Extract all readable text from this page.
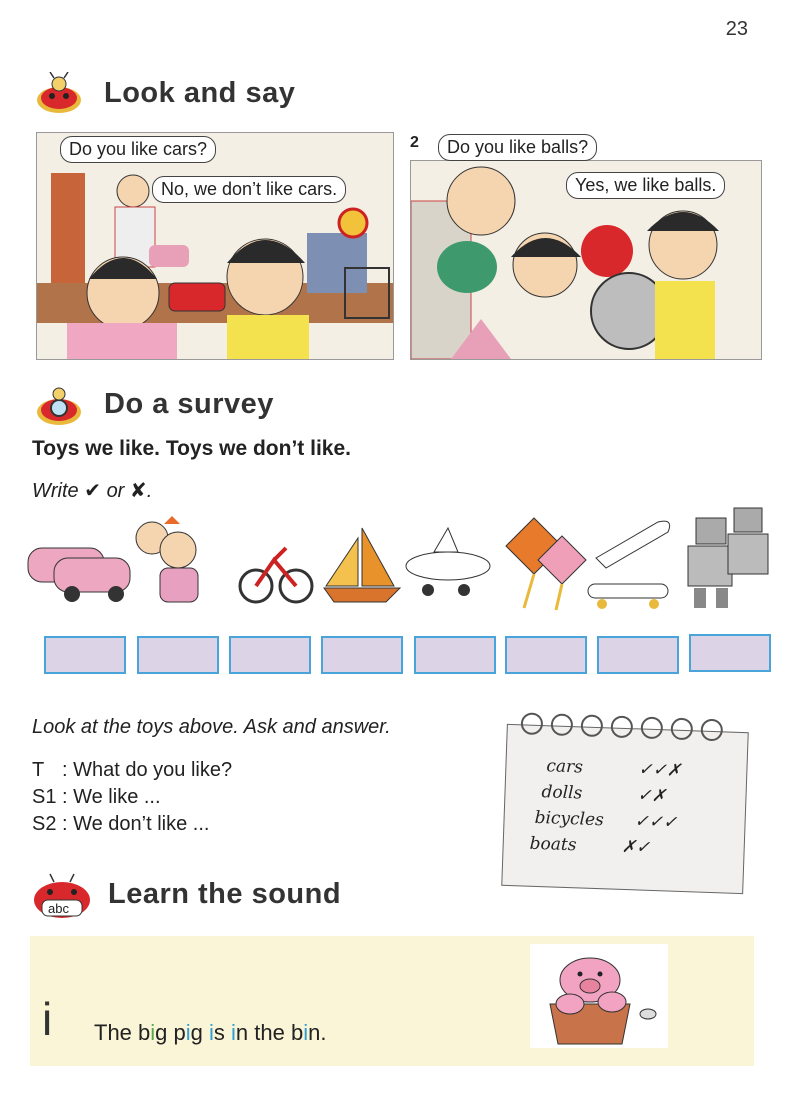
23
Look and say
Do you like cars?
No, we don’t like cars.
2	Do you like balls?
Yes, we like balls.
Do a survey
Toys we like. Toys we don’t like.
Write ✔ or ✘.
Look at the toys above. Ask and answer.
T : What do you like?
S1 : We like ...
S2 : We don’t like ...
cars	✓✓✗
dolls	✓✗
bicycles ✓✓✓
boats	✗✓
abc Learn the sound
i The big pig is in the bin.
